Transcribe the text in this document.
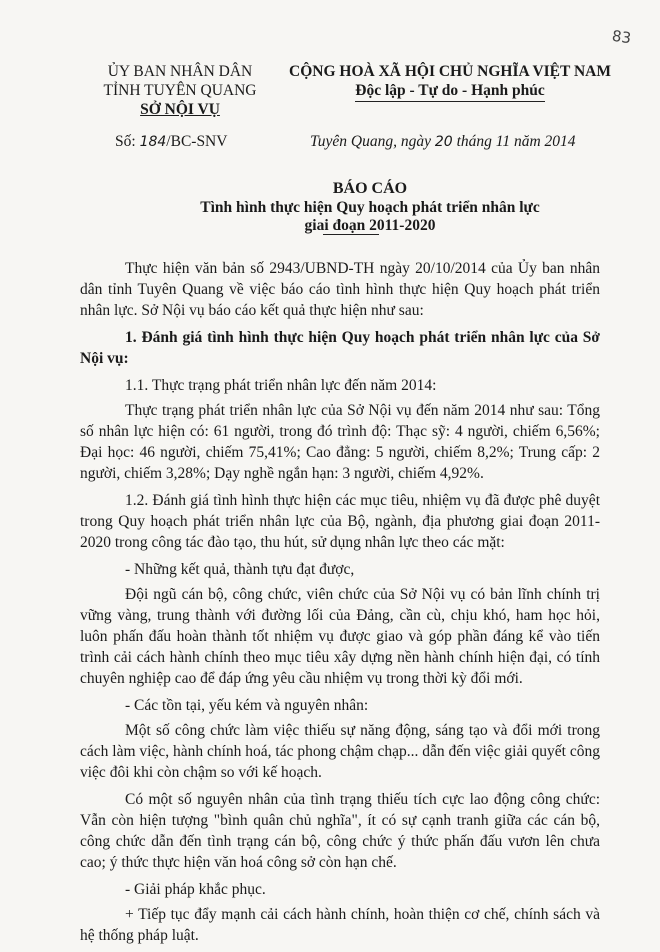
83
ỦY BAN NHÂN DÂN
TỈNH TUYÊN QUANG
SỞ NỘI VỤ
CỘNG HOÀ XÃ HỘI CHỦ NGHĨA VIỆT NAM
Độc lập - Tự do - Hạnh phúc
Số: 184/BC-SNV	Tuyên Quang, ngày 20 tháng 11 năm 2014
BÁO CÁO
Tình hình thực hiện Quy hoạch phát triển nhân lực
giai đoạn 2011-2020

Thực hiện văn bản số 2943/UBND-TH ngày 20/10/2014 của Ủy ban nhân dân tỉnh Tuyên Quang về việc báo cáo tình hình thực hiện Quy hoạch phát triển nhân lực. Sở Nội vụ báo cáo kết quả thực hiện như sau:

1. Đánh giá tình hình thực hiện Quy hoạch phát triển nhân lực của Sở Nội vụ:

1.1. Thực trạng phát triển nhân lực đến năm 2014:

Thực trạng phát triển nhân lực của Sở Nội vụ đến năm 2014 như sau: Tổng số nhân lực hiện có: 61 người, trong đó trình độ: Thạc sỹ: 4 người, chiếm 6,56%; Đại học: 46 người, chiếm 75,41%; Cao đẳng: 5 người, chiếm 8,2%; Trung cấp: 2 người, chiếm 3,28%; Dạy nghề ngắn hạn: 3 người, chiếm 4,92%.

1.2. Đánh giá tình hình thực hiện các mục tiêu, nhiệm vụ đã được phê duyệt trong Quy hoạch phát triển nhân lực của Bộ, ngành, địa phương giai đoạn 2011-2020 trong công tác đào tạo, thu hút, sử dụng nhân lực theo các mặt:

- Những kết quả, thành tựu đạt được,

Đội ngũ cán bộ, công chức, viên chức của Sở Nội vụ có bản lĩnh chính trị vững vàng, trung thành với đường lối của Đảng, cần cù, chịu khó, ham học hỏi, luôn phấn đấu hoàn thành tốt nhiệm vụ được giao và góp phần đáng kể vào tiến trình cải cách hành chính theo mục tiêu xây dựng nền hành chính hiện đại, có tính chuyên nghiệp cao để đáp ứng yêu cầu nhiệm vụ trong thời kỳ đổi mới.

- Các tồn tại, yếu kém và nguyên nhân:

Một số công chức làm việc thiếu sự năng động, sáng tạo và đổi mới trong cách làm việc, hành chính hoá, tác phong chậm chạp... dẫn đến việc giải quyết công việc đôi khi còn chậm so với kế hoạch.

Có một số nguyên nhân của tình trạng thiếu tích cực lao động công chức: Vẫn còn hiện tượng "bình quân chủ nghĩa", ít có sự cạnh tranh giữa các cán bộ, công chức dẫn đến tình trạng cán bộ, công chức ý thức phấn đấu vươn lên chưa cao; ý thức thực hiện văn hoá công sở còn hạn chế.

- Giải pháp khắc phục.

+ Tiếp tục đẩy mạnh cải cách hành chính, hoàn thiện cơ chế, chính sách và hệ thống pháp luật.
